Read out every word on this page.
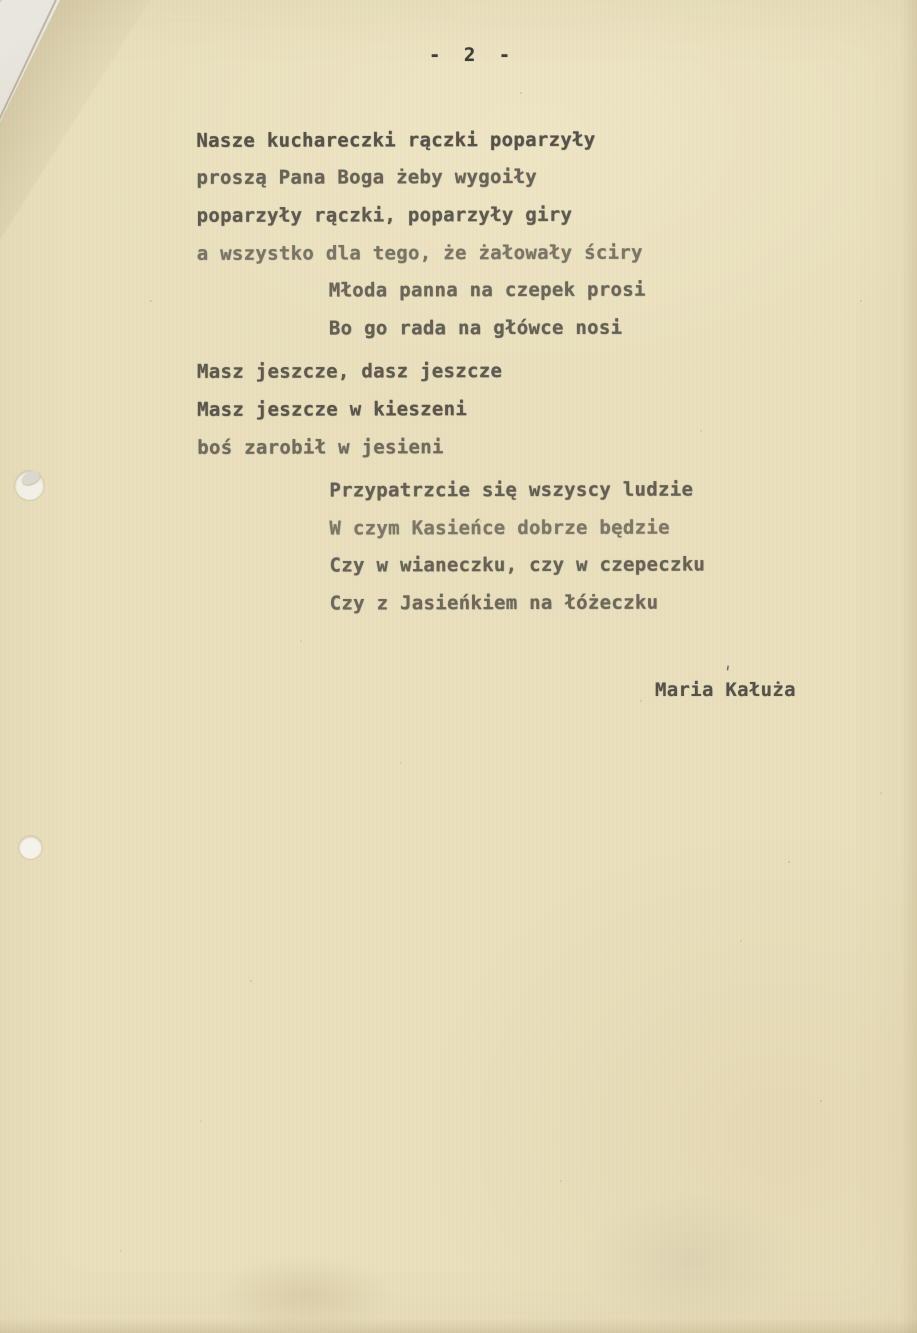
- 2 -
Nasze kuchareczki rączki poparzyły
proszą Pana Boga żeby wygoiły
poparzyły rączki, poparzyły giry
a wszystko dla tego, że żałowały ściry
Młoda panna na czepek prosi
Bo go rada na główce nosi
Masz jeszcze, dasz jeszcze
Masz jeszcze w kieszeni
boś zarobił w jesieni
Przypatrzcie się wszyscy ludzie
W czym Kasieńce dobrze będzie
Czy w wianeczku, czy w czepeczku
Czy z Jasieńkiem na łóżeczku
'
Maria Kałuża
